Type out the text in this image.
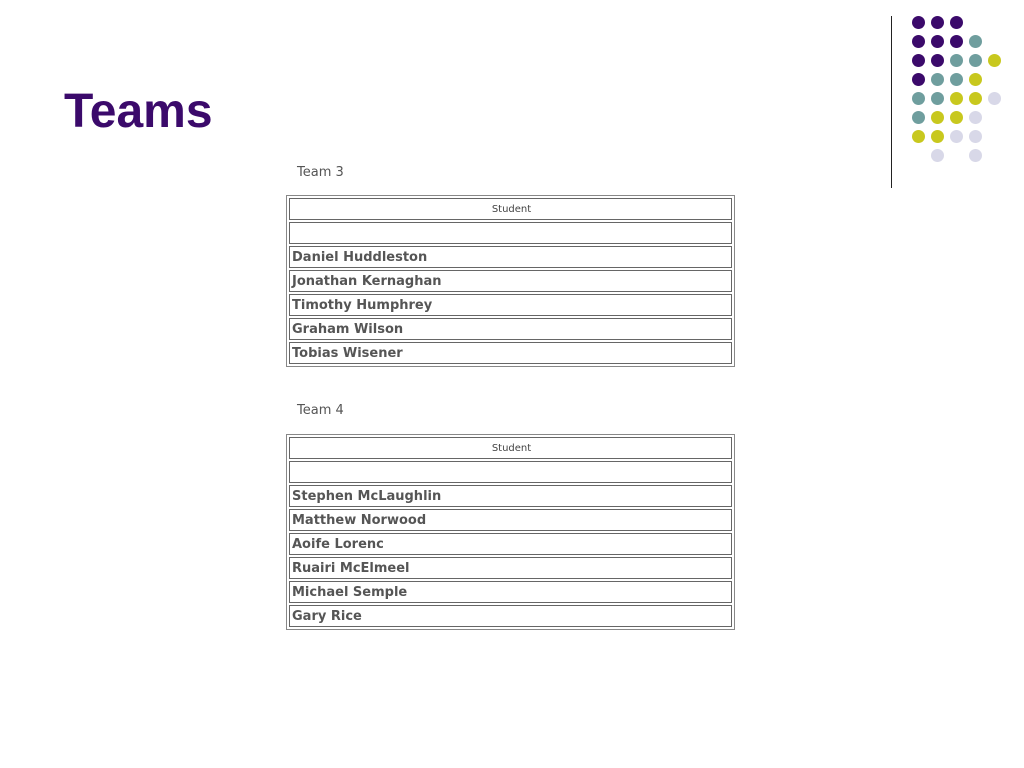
Teams

Team 3

Student

Daniel Huddleston
Jonathan Kernaghan
Timothy Humphrey
Graham Wilson
Tobias Wisener

Team 4

Student

Stephen McLaughlin
Matthew Norwood
Aoife Lorenc
Ruairi McElmeel
Michael Semple
Gary Rice
